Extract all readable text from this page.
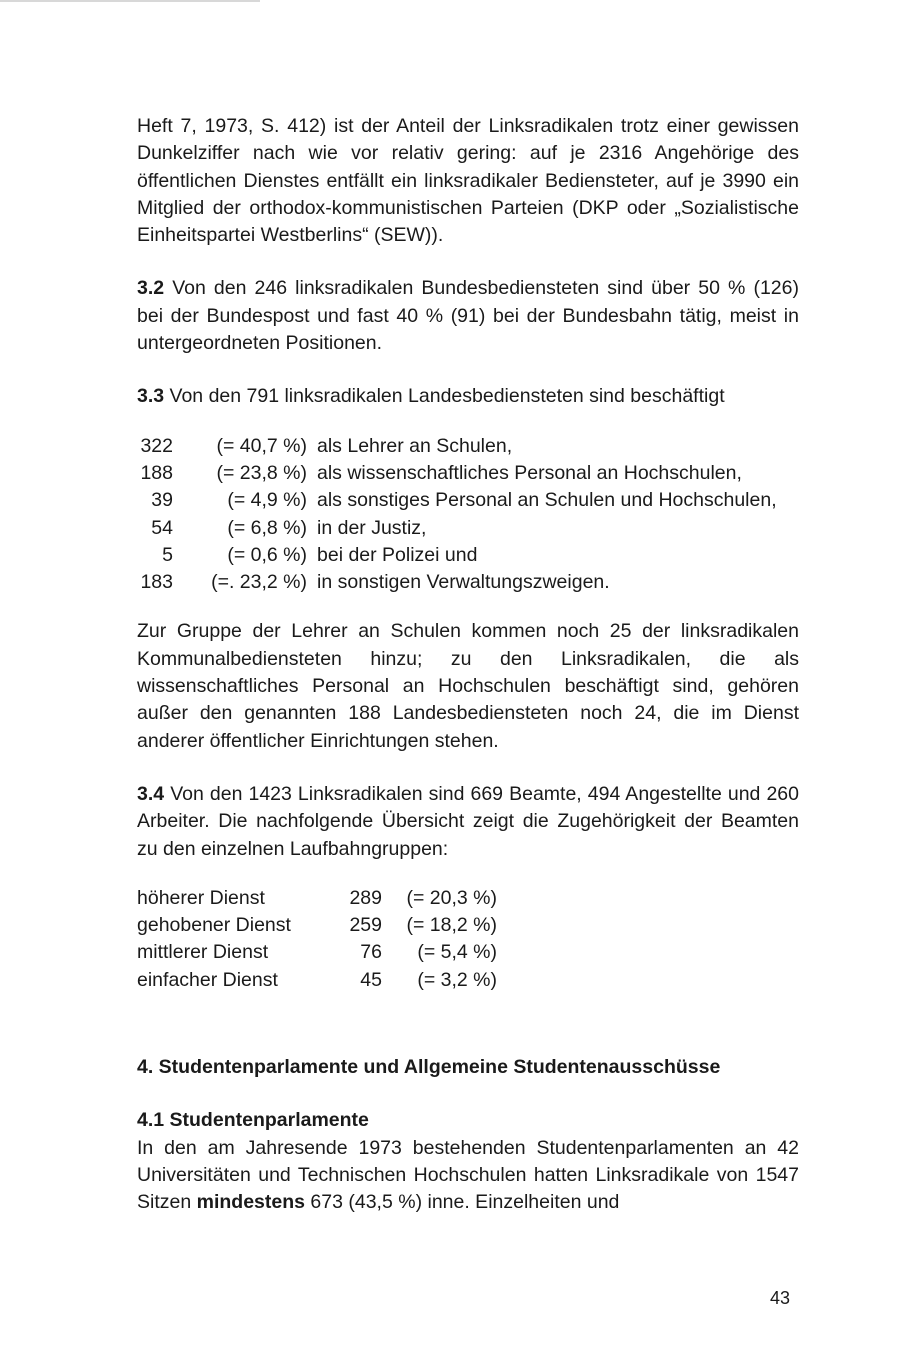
Heft 7, 1973, S. 412) ist der Anteil der Linksradikalen trotz einer gewissen Dunkelziffer nach wie vor relativ gering: auf je 2316 Angehörige des öffentlichen Dienstes entfällt ein linksradikaler Bediensteter, auf je 3990 ein Mitglied der orthodox-kommunistischen Parteien (DKP oder „Sozialistische Einheitspartei Westberlins“ (SEW)).

3.2 Von den 246 linksradikalen Bundesbediensteten sind über 50 % (126) bei der Bundespost und fast 40 % (91) bei der Bundesbahn tätig, meist in untergeordneten Positionen.

3.3 Von den 791 linksradikalen Landesbediensteten sind beschäftigt

322	(= 40,7 %)	als Lehrer an Schulen,
188	(= 23,8 %)	als wissenschaftliches Personal an Hochschulen,
39	(= 4,9 %)	als sonstiges Personal an Schulen und Hochschulen,
54	(= 6,8 %)	in der Justiz,
5	(= 0,6 %)	bei der Polizei und
183	(=. 23,2 %)	in sonstigen Verwaltungszweigen.

Zur Gruppe der Lehrer an Schulen kommen noch 25 der linksradikalen Kommunalbediensteten hinzu; zu den Linksradikalen, die als wissenschaftliches Personal an Hochschulen beschäftigt sind, gehören außer den genannten 188 Landesbediensteten noch 24, die im Dienst anderer öffentlicher Einrichtungen stehen.

3.4 Von den 1423 Linksradikalen sind 669 Beamte, 494 Angestellte und 260 Arbeiter. Die nachfolgende Übersicht zeigt die Zugehörigkeit der Beamten zu den einzelnen Laufbahngruppen:

höherer Dienst	289	(= 20,3 %)
gehobener Dienst	259	(= 18,2 %)
mittlerer Dienst	76	(= 5,4 %)
einfacher Dienst	45	(= 3,2 %)

4. Studentenparlamente und Allgemeine Studentenausschüsse

4.1 Studentenparlamente

In den am Jahresende 1973 bestehenden Studentenparlamenten an 42 Universitäten und Technischen Hochschulen hatten Linksradikale von 1547 Sitzen mindestens 673 (43,5 %) inne. Einzelheiten und

43
